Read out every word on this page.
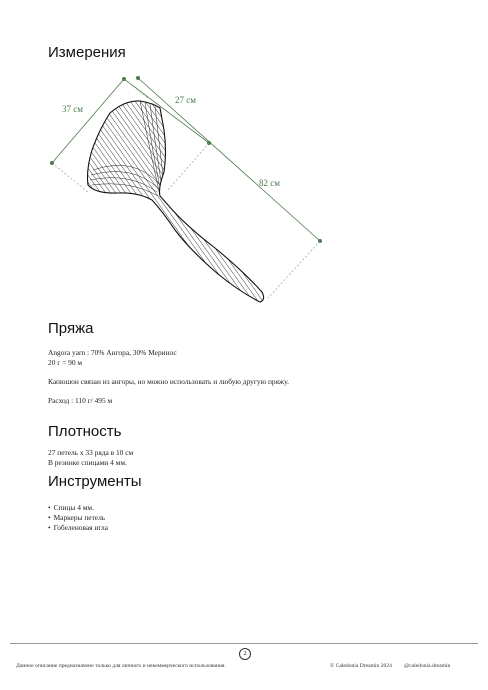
Измерения
37 см
27 см
82 см
Пряжа

Angora yarn : 70% Ангора, 30% Меринос

20 г = 90 м

Капюшон связан из ангоры, но можно использовать и любую другую пряжу.

Расход : 110 г/ 495 м

Плотность

27 петель x 33 ряда в 10 см

В резинке спицами 4 мм.

Инструменты
• Спицы 4 мм.
• Маркеры петель
• Гобеленовая игла
2

Данное описание предназначено только для личного и некоммерческого использования.	© Caledonia Dreamin 2024 @caledonia.dreamin
